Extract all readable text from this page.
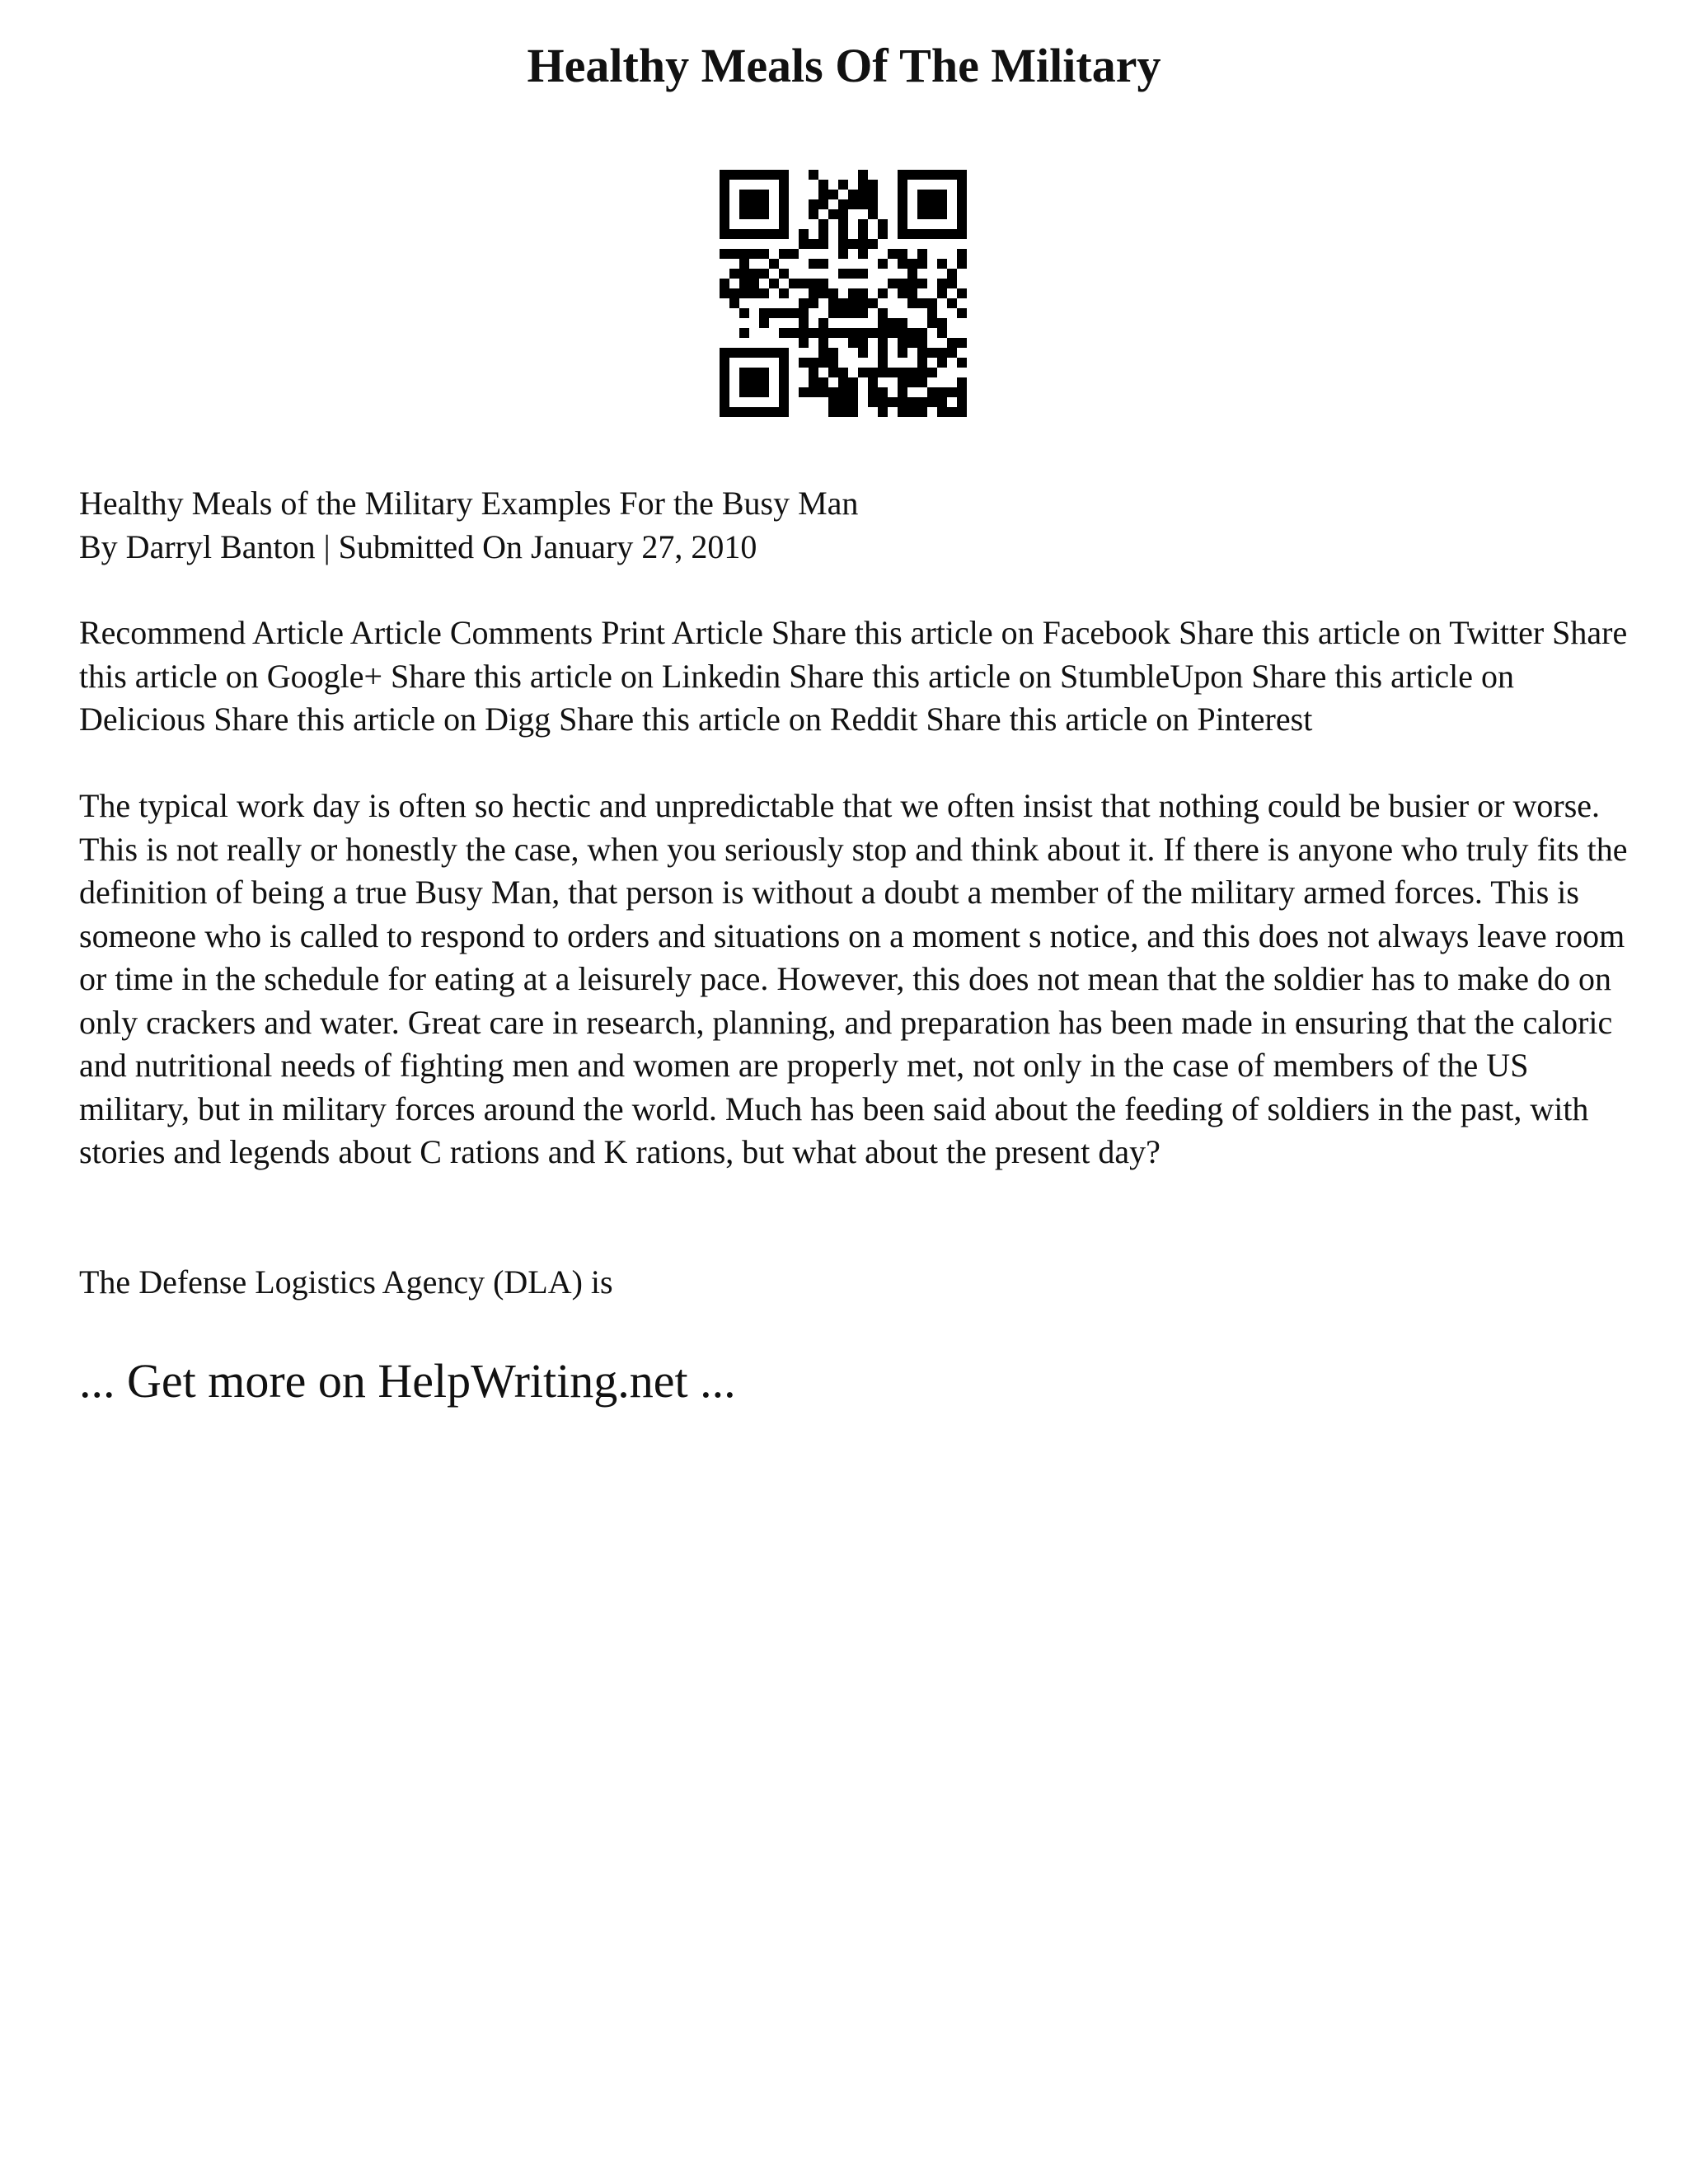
Healthy Meals Of The Military
Healthy Meals of the Military Examples For the Busy Man
By Darryl Banton | Submitted On January 27, 2010
Recommend Article Article Comments Print Article Share this article on Facebook Share this article on Twitter Share this article on Google+ Share this article on Linkedin Share this article on StumbleUpon Share this article on Delicious Share this article on Digg Share this article on Reddit Share this article on Pinterest
The typical work day is often so hectic and unpredictable that we often insist that nothing could be busier or worse. This is not really or honestly the case, when you seriously stop and think about it. If there is anyone who truly fits the definition of being a true Busy Man, that person is without a doubt a member of the military armed forces. This is someone who is called to respond to orders and situations on a moment s notice, and this does not always leave room or time in the schedule for eating at a leisurely pace. However, this does not mean that the soldier has to make do on only crackers and water. Great care in research, planning, and preparation has been made in ensuring that the caloric and nutritional needs of fighting men and women are properly met, not only in the case of members of the US military, but in military forces around the world. Much has been said about the feeding of soldiers in the past, with stories and legends about C rations and K rations, but what about the present day?
The Defense Logistics Agency (DLA) is
... Get more on HelpWriting.net ...
